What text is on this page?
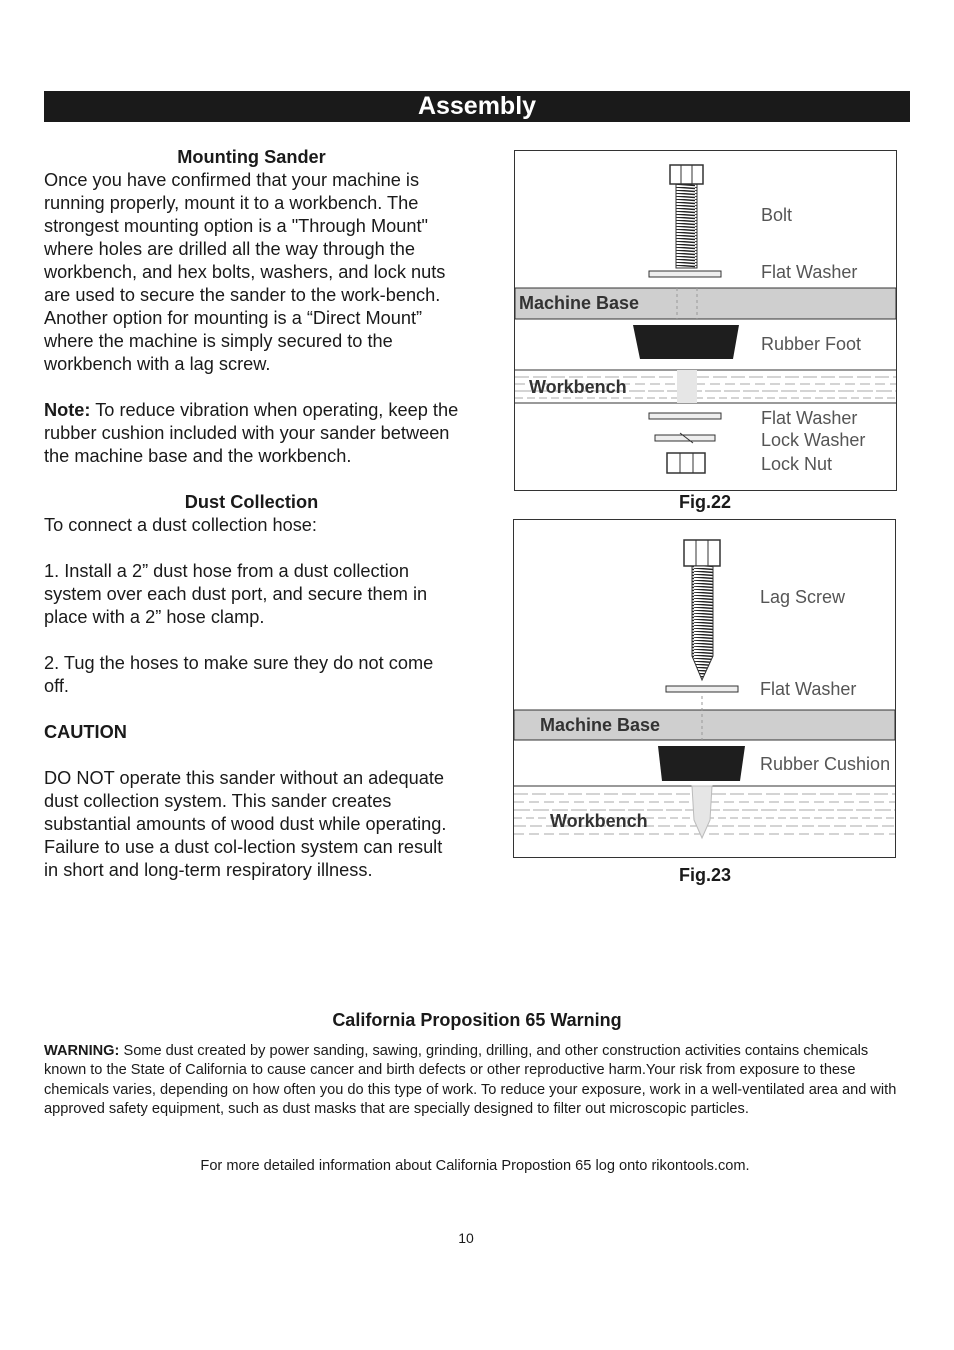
Assembly

Mounting Sander

Once you have confirmed that your machine is running properly, mount it to a workbench. The strongest mounting option is a "Through Mount" where holes are drilled all the way through the workbench, and hex bolts, washers, and lock nuts are used to secure the sander to the work-bench. Another option for mounting is a “Direct Mount” where the machine is simply secured to the workbench with a lag screw.

Note: To reduce vibration when operating, keep the rubber cushion included with your sander between the machine base and the workbench.

Dust Collection

To connect a dust collection hose:

1. Install a 2” dust hose from a dust collection system over each dust port, and secure them in place with a 2” hose clamp.

2. Tug the hoses to make sure they do not come off.

CAUTION

DO NOT operate this sander without an adequate dust collection system. This sander creates substantial amounts of wood dust while operating. Failure to use a dust col-lection system can result in short and long-term respiratory illness.

Machine Base
Workbench
Bolt
Flat Washer
Rubber Foot
Flat Washer
Lock Washer
Lock Nut
Fig.22
Machine Base
Workbench
Lag Screw
Flat Washer
Rubber Cushion
Fig.23
California Proposition 65 Warning
WARNING: Some dust created by power sanding, sawing, grinding, drilling, and other construction activities contains chemicals known to the State of California to cause cancer and birth defects or other reproductive harm.Your risk from exposure to these chemicals varies, depending on how often you do this type of work. To reduce your exposure, work in a well-ventilated area and with approved safety equipment, such as dust masks that are specially designed to filter out microscopic particles.
For more detailed information about California Propostion 65 log onto rikontools.com.
10
